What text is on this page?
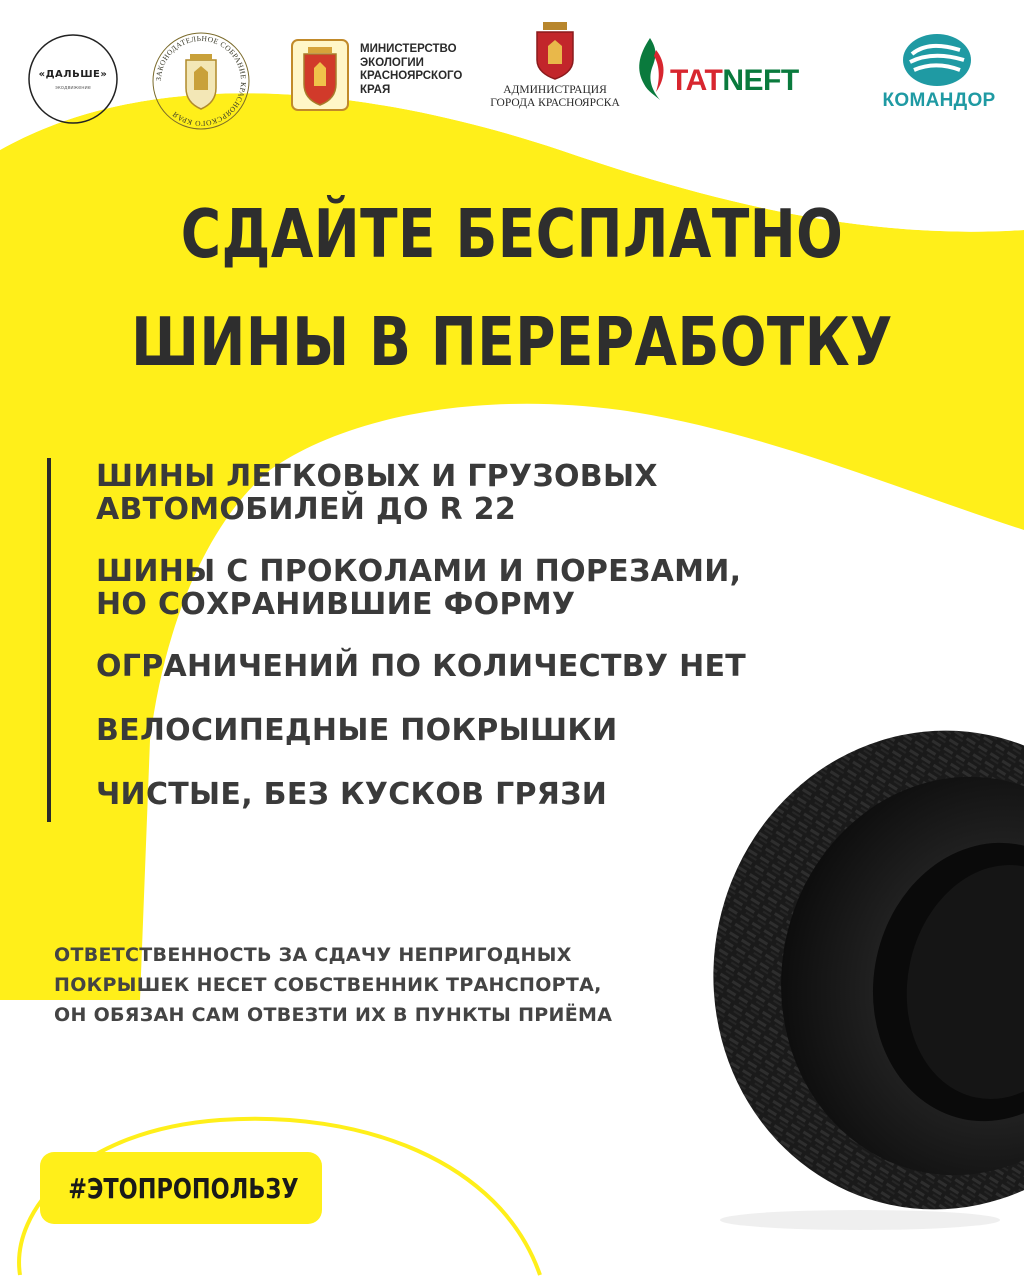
«ДАЛЬШЕ»
экодвижение
ЗАКОНОДАТЕЛЬНОЕ СОБРАНИЕ КРАСНОЯРСКОГО КРАЯ
МИНИСТЕРСТВО
ЭКОЛОГИИ
КРАСНОЯРСКОГО
КРАЯ	АДМИНИСТРАЦИЯ
ГОРОДА КРАСНОЯРСКА
TATNEFT
КОМАНДОР
СДАЙТЕ БЕСПЛАТНО
ШИНЫ В ПЕРЕРАБОТКУ
ШИНЫ ЛЕГКОВЫХ И ГРУЗОВЫХ
АВТОМОБИЛЕЙ ДО R 22
ШИНЫ С ПРОКОЛАМИ И ПОРЕЗАМИ,
НО СОХРАНИВШИЕ ФОРМУ
ОГРАНИЧЕНИЙ ПО КОЛИЧЕСТВУ НЕТ
ВЕЛОСИПЕДНЫЕ ПОКРЫШКИ
ЧИСТЫЕ, БЕЗ КУСКОВ ГРЯЗИ
ОТВЕТСТВЕННОСТЬ ЗА СДАЧУ НЕПРИГОДНЫХ
ПОКРЫШЕК НЕСЕТ СОБСТВЕННИК ТРАНСПОРТА,
ОН ОБЯЗАН САМ ОТВЕЗТИ ИХ В ПУНКТЫ ПРИЁМА
#ЭТОПРОПОЛЬЗУ
